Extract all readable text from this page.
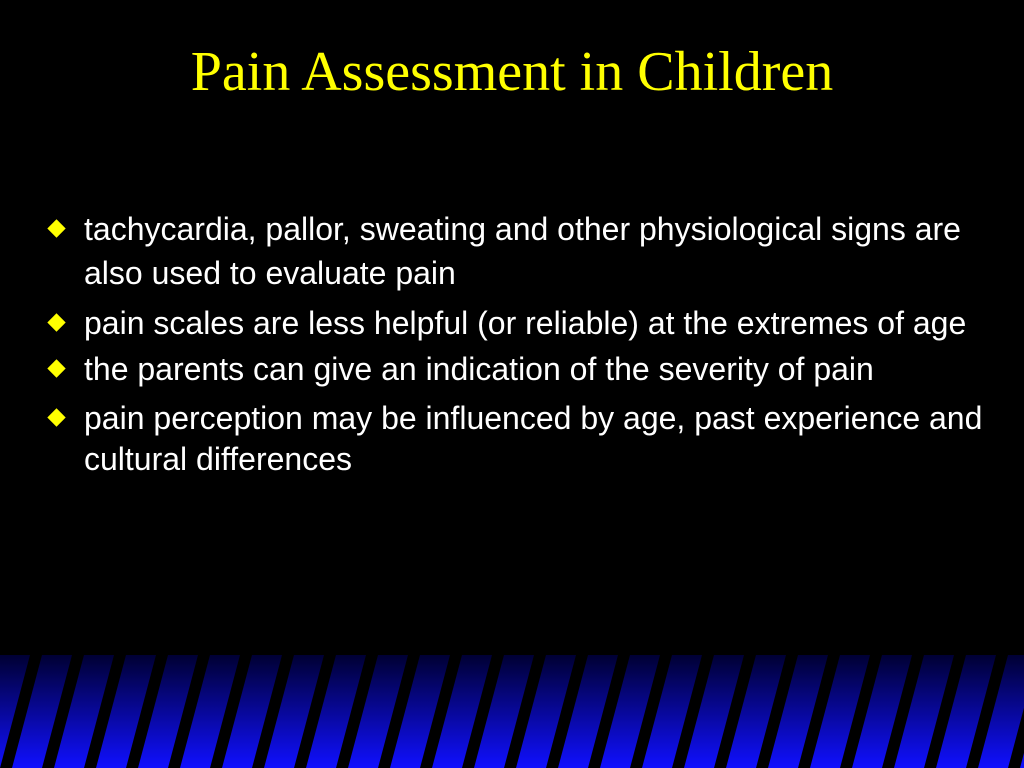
Pain Assessment in Children
tachycardia, pallor, sweating and other physiological signs are also used to evaluate pain
pain scales are less helpful (or reliable) at the extremes of age
the parents can give an indication of the severity of pain
pain perception may be influenced by age, past experience and cultural differences
